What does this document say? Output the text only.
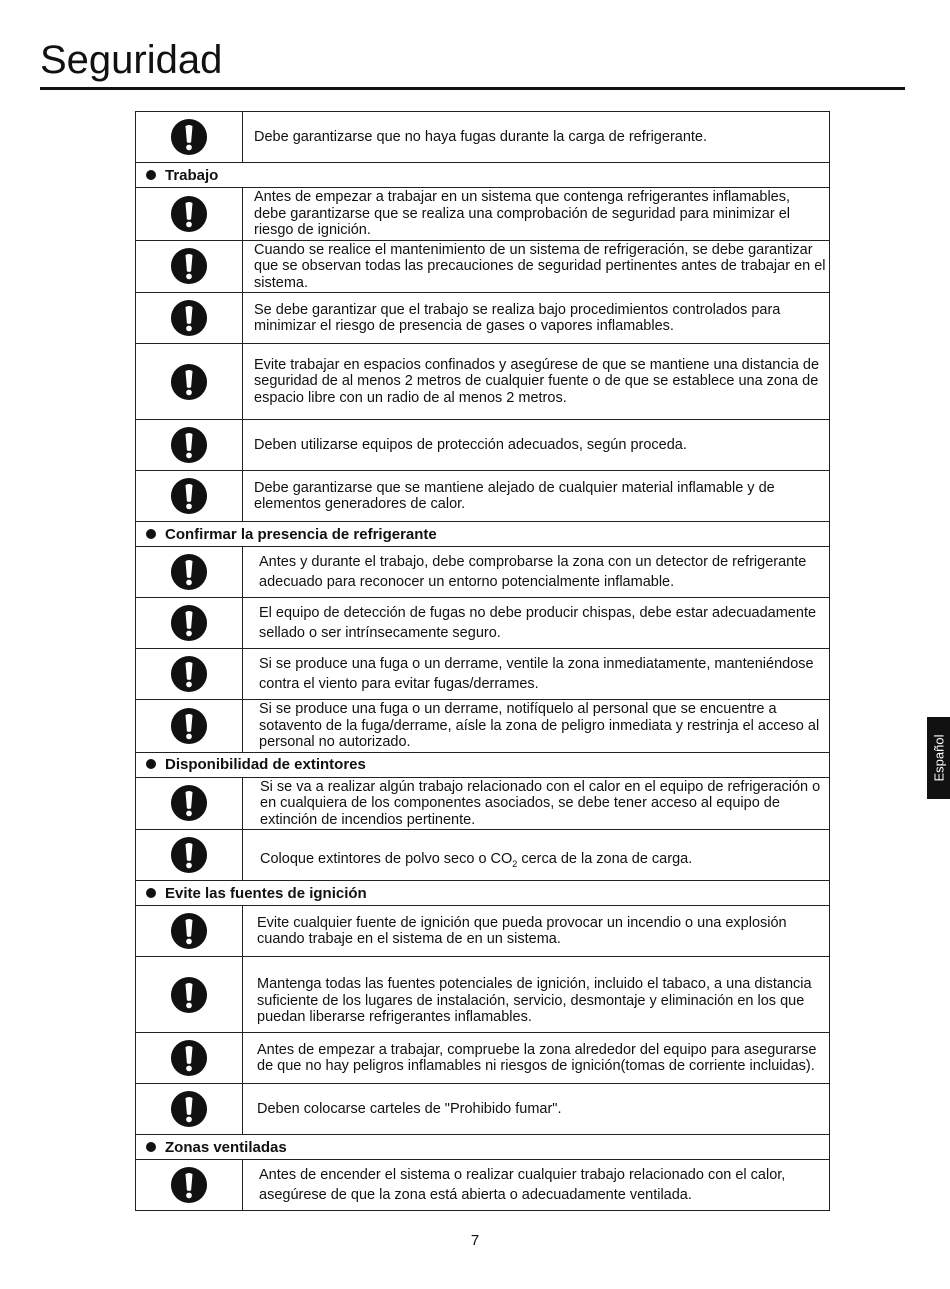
Seguridad
Español
	Debe garantizarse que no haya fugas durante la carga de refrigerante.
Trabajo	
	Antes de empezar a trabajar en un sistema que contenga refrigerantes inflamables, debe garantizarse que se realiza una comprobación de seguridad para minimizar el riesgo de ignición.
	Cuando se realice el mantenimiento de un sistema de refrigeración, se debe garantizar que se observan todas las precauciones de seguridad pertinentes antes de trabajar en el sistema.
	Se debe garantizar que el trabajo se realiza bajo procedimientos controlados para minimizar el riesgo de presencia de gases o vapores inflamables.
	Evite trabajar en espacios confinados y asegúrese de que se mantiene una distancia de seguridad de al menos 2 metros de cualquier fuente o de que se establece una zona de espacio libre con un radio de al menos 2 metros.
	Deben utilizarse equipos de protección adecuados, según proceda.
	Debe garantizarse que se mantiene alejado de cualquier material inflamable y de elementos generadores de calor.
Confirmar la presencia de refrigerante	
	Antes y durante el trabajo, debe comprobarse la zona con un detector de refrigerante adecuado para reconocer un entorno potencialmente inflamable.
	El equipo de detección de fugas no debe producir chispas, debe estar adecuadamente sellado o ser intrínsecamente seguro.
	Si se produce una fuga o un derrame, ventile la zona inmediatamente, manteniéndose contra el viento para evitar fugas/derrames.
	Si se produce una fuga o un derrame, notifíquelo al personal que se encuentre a sotavento de la fuga/derrame, aísle la zona de peligro inmediata y restrinja el acceso al personal no autorizado.
Disponibilidad de extintores	
	Si se va a realizar algún trabajo relacionado con el calor en el equipo de refrigeración o en cualquiera de los componentes asociados, se debe tener acceso al equipo de extinción de incendios pertinente.
	Coloque extintores de polvo seco o $CO_2$ cerca de la zona de carga.
Evite las fuentes de ignición	
	Evite cualquier fuente de ignición que pueda provocar un incendio o una explosión cuando trabaje en el sistema de en un sistema.
	Mantenga todas las fuentes potenciales de ignición, incluido el tabaco, a una distancia suficiente de los lugares de instalación, servicio, desmontaje y eliminación en los que puedan liberarse refrigerantes inflamables.
	Antes de empezar a trabajar, compruebe la zona alrededor del equipo para asegurarse de que no hay peligros inflamables ni riesgos de ignición(tomas de corriente incluidas).
	Deben colocarse carteles de "Prohibido fumar".
Zonas ventiladas	
	Antes de encender el sistema o realizar cualquier trabajo relacionado con el calor, asegúrese de que la zona está abierta o adecuadamente ventilada.
7
